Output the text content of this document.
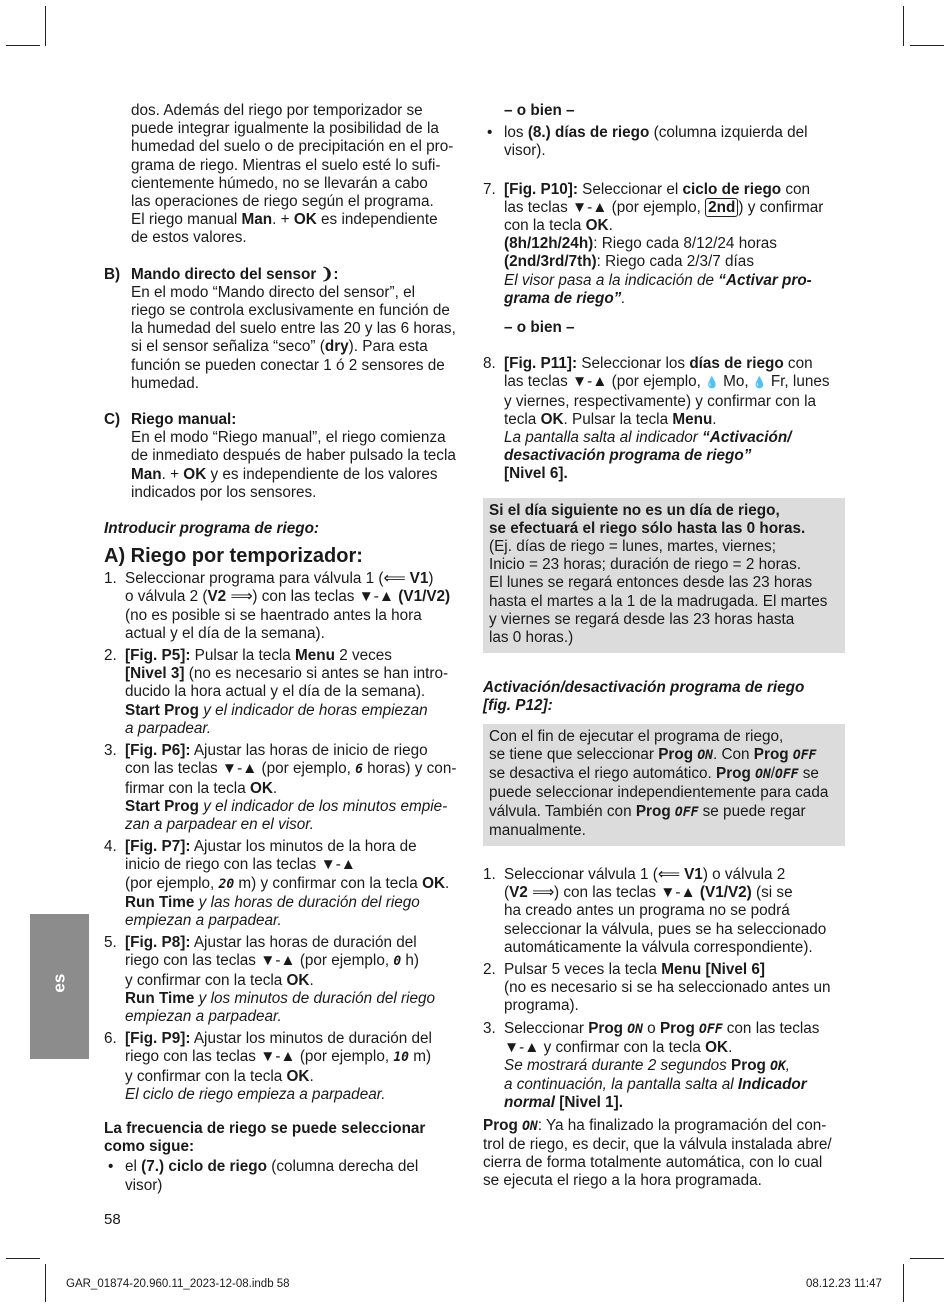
es

dos. Además del riego por temporizador se

puede integrar igualmente la posibilidad de la

humedad del suelo o de precipitación en el pro-

grama de riego. Mientras el suelo esté lo sufi-

cientemente húmedo, no se llevarán a cabo

las operaciones de riego según el programa.

El riego manual Man. + OK es independiente

de estos valores.

B) Mando directo del sensor ❩:

En el modo “Mando directo del sensor”, el

riego se controla exclusivamente en función de

la humedad del suelo entre las 20 y las 6 horas,

si el sensor señaliza “seco” (dry). Para esta

función se pueden conectar 1 ó 2 sensores de

humedad.

C) Riego manual:

En el modo “Riego manual”, el riego comienza

de inmediato después de haber pulsado la tecla

Man. + OK y es independiente de los valores

indicados por los sensores.

Introducir programa de riego:

A) Riego por temporizador:

1. Seleccionar programa para válvula 1 (⟸ V1)

o válvula 2 (V2 ⟹) con las teclas ▼-▲ (V1/V2)

(no es posible si se haentrado antes la hora

actual y el día de la semana).

2. [Fig. P5]: Pulsar la tecla Menu 2 veces

[Nivel 3] (no es necesario si antes se han intro-

ducido la hora actual y el día de la semana).

Start Prog y el indicador de horas empiezan

a parpadear.

3. [Fig. P6]: Ajustar las horas de inicio de riego

con las teclas ▼-▲ (por ejemplo, 6 horas) y con-

firmar con la tecla OK.

Start Prog y el indicador de los minutos empie-

zan a parpadear en el visor.

4. [Fig. P7]: Ajustar los minutos de la hora de

inicio de riego con las teclas ▼-▲

(por ejemplo, 20 m) y confirmar con la tecla OK.

Run Time y las horas de duración del riego

empiezan a parpadear.

5. [Fig. P8]: Ajustar las horas de duración del

riego con las teclas ▼-▲ (por ejemplo, 0 h)

y confirmar con la tecla OK.

Run Time y los minutos de duración del riego

empiezan a parpadear.

6. [Fig. P9]: Ajustar los minutos de duración del

riego con las teclas ▼-▲ (por ejemplo, 10 m)

y confirmar con la tecla OK.

El ciclo de riego empieza a parpadear.

La frecuencia de riego se puede seleccionar

como sigue:

• el (7.) ciclo de riego (columna derecha del

visor)

– o bien –

• los (8.) días de riego (columna izquierda del

visor).

7. [Fig. P10]: Seleccionar el ciclo de riego con

las teclas ▼-▲ (por ejemplo, 2nd ) y confirmar

con la tecla OK.

(8h/12h/24h): Riego cada 8/12/24 horas

(2nd/3rd/7th): Riego cada 2/3/7 días

El visor pasa a la indicación de “Activar pro-

grama de riego”.

– o bien –

8. [Fig. P11]: Seleccionar los días de riego con

las teclas ▼-▲ (por ejemplo, 💧 Mo, 💧 Fr, lunes

y viernes, respectivamente) y confirmar con la

tecla OK. Pulsar la tecla Menu.

La pantalla salta al indicador “Activación/

desactivación programa de riego”

[Nivel 6].

Si el día siguiente no es un día de riego,

se efectuará el riego sólo hasta las 0 horas.

(Ej. días de riego = lunes, martes, viernes;

Inicio = 23 horas; duración de riego = 2 horas.

El lunes se regará entonces desde las 23 horas

hasta el martes a la 1 de la madrugada. El martes

y viernes se regará desde las 23 horas hasta

las 0 horas.)

Activación/desactivación programa de riego

[fig. P12]:

Con el fin de ejecutar el programa de riego,

se tiene que seleccionar Prog ON. Con Prog OFF

se desactiva el riego automático. Prog ON/OFF se

puede seleccionar independientemente para cada

válvula. También con Prog OFF se puede regar

manualmente.

1. Seleccionar válvula 1 (⟸ V1) o válvula 2

(V2 ⟹) con las teclas ▼-▲ (V1/V2) (si se

ha creado antes un programa no se podrá

seleccionar la válvula, pues se ha seleccionado

automáticamente la válvula correspondiente).

2. Pulsar 5 veces la tecla Menu [Nivel 6]

(no es necesario si se ha seleccionado antes un

programa).

3. Seleccionar Prog ON o Prog OFF con las teclas

▼-▲ y confirmar con la tecla OK.

Se mostrará durante 2 segundos Prog OK,

a continuación, la pantalla salta al Indicador

normal [Nivel 1].

Prog ON: Ya ha finalizado la programación del con-

trol de riego, es decir, que la válvula instalada abre/

cierra de forma totalmente automática, con lo cual

se ejecuta el riego a la hora programada.

58
GAR_01874-20.960.11_2023-12-08.indb 58	08.12.23 11:47
